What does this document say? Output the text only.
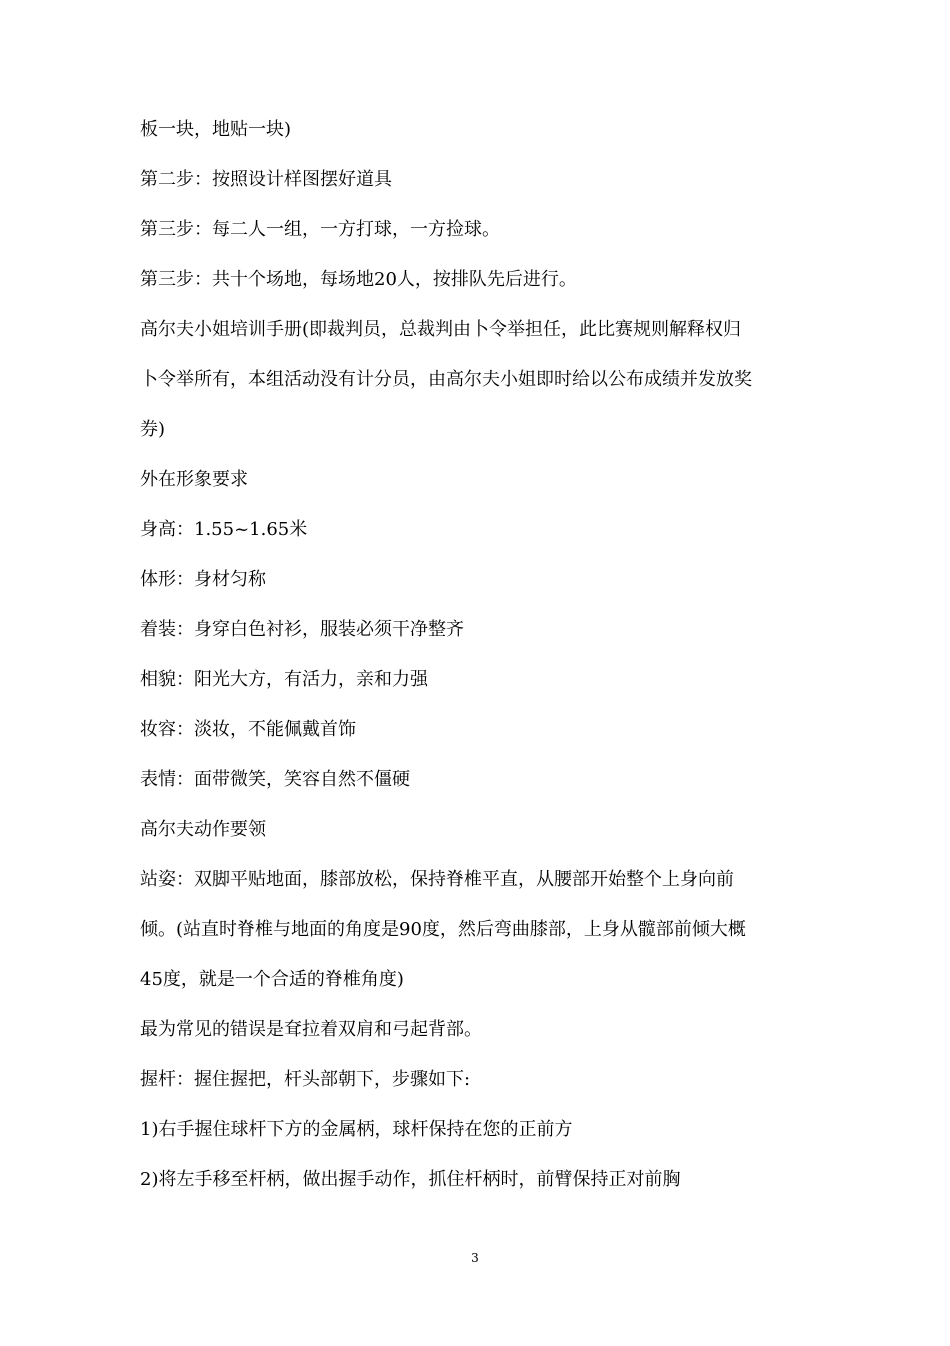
板一块，地贴一块)
第二步：按照设计样图摆好道具
第三步：每二人一组，一方打球，一方捡球。
第三步：共十个场地，每场地20人，按排队先后进行。
高尔夫小姐培训手册(即裁判员，总裁判由卜令举担任，此比赛规则解释权归
卜令举所有，本组活动没有计分员，由高尔夫小姐即时给以公布成绩并发放奖
券)
外在形象要求
身高：1.55~1.65米
体形：身材匀称
着装：身穿白色衬衫，服装必须干净整齐
相貌：阳光大方，有活力，亲和力强
妆容：淡妆，不能佩戴首饰
表情：面带微笑，笑容自然不僵硬
高尔夫动作要领
站姿：双脚平贴地面，膝部放松，保持脊椎平直，从腰部开始整个上身向前
倾。(站直时脊椎与地面的角度是90度，然后弯曲膝部，上身从髋部前倾大概
45度，就是一个合适的脊椎角度)
最为常见的错误是耷拉着双肩和弓起背部。
握杆：握住握把，杆头部朝下，步骤如下:
1)右手握住球杆下方的金属柄，球杆保持在您的正前方
2)将左手移至杆柄，做出握手动作，抓住杆柄时，前臂保持正对前胸
3
